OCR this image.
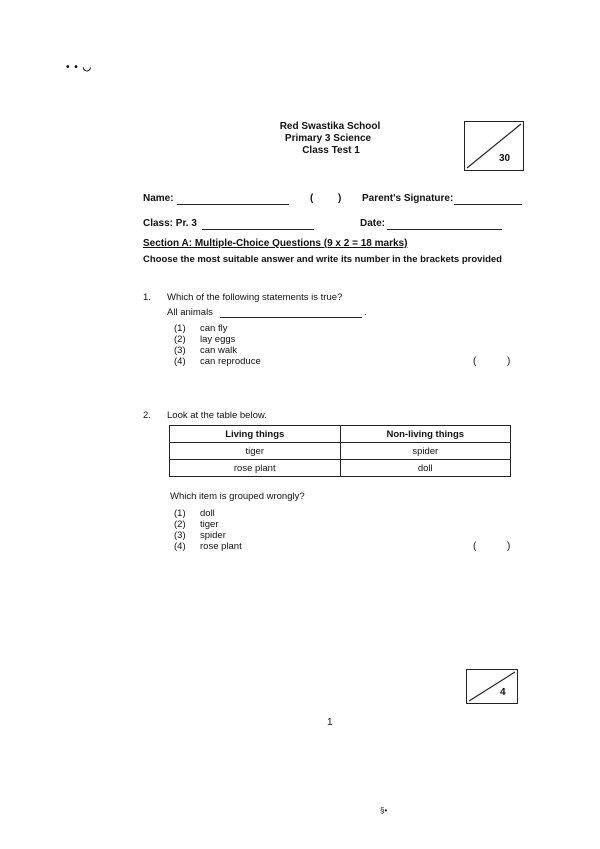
• • ◡
Red Swastika School
Primary 3 Science
Class Test 1
30
Name:	( ) Parent's Signature:
Class: Pr. 3	Date:
Section A: Multiple-Choice Questions (9 x 2 = 18 marks)
Choose the most suitable answer and write its number in the brackets provided
1. Which of the following statements is true?
All animals	.
(1) can fly
(2) lay eggs
(3) can walk
(4) can reproduce	(	)
2. Look at the table below.
Living things	Non-living things
tiger	spider
rose plant	doll
Which item is grouped wrongly?
(1) doll
(2) tiger
(3) spider
(4) rose plant	(	)
4
1
§•
